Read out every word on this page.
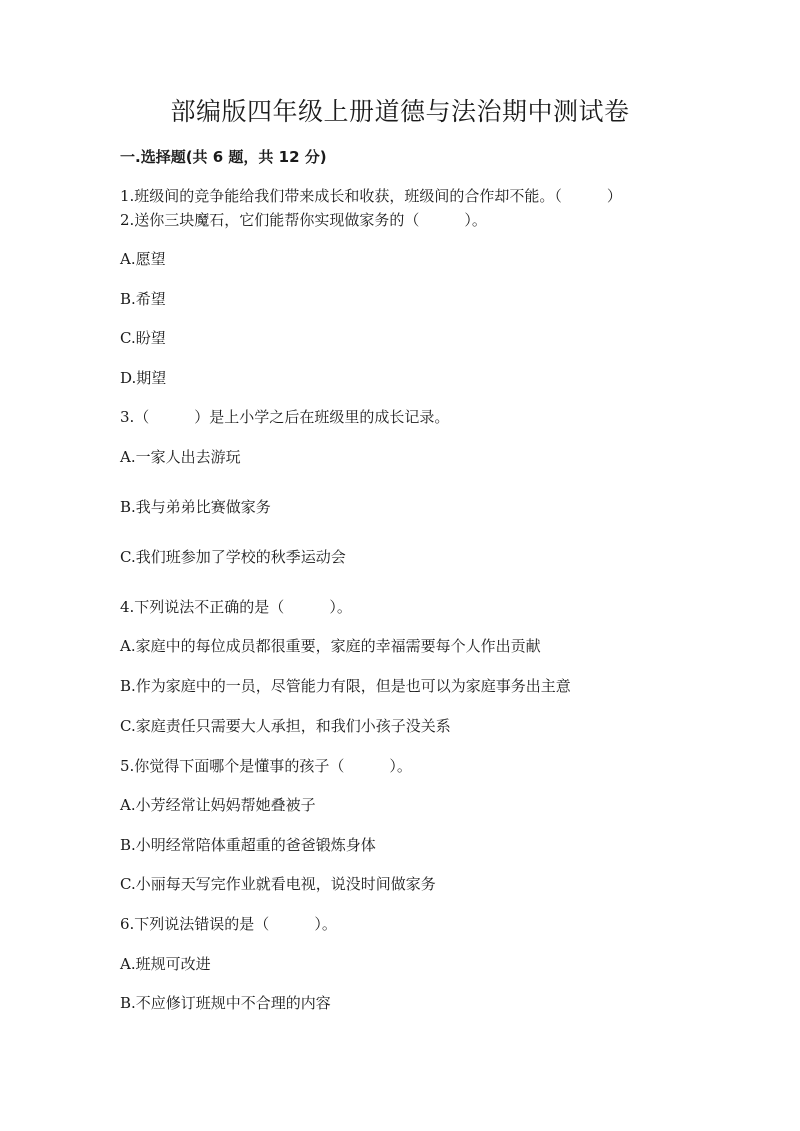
部编版四年级上册道德与法治期中测试卷
一.选择题(共 6 题，共 12 分)
1.班级间的竞争能给我们带来成长和收获，班级间的合作却不能。（　　　）
2.送你三块魔石，它们能帮你实现做家务的（　　　）。
A.愿望
B.希望
C.盼望
D.期望
3.（　　　）是上小学之后在班级里的成长记录。
A.一家人出去游玩
B.我与弟弟比赛做家务
C.我们班参加了学校的秋季运动会
4.下列说法不正确的是（　　　）。
A.家庭中的每位成员都很重要，家庭的幸福需要每个人作出贡献
B.作为家庭中的一员，尽管能力有限，但是也可以为家庭事务出主意
C.家庭责任只需要大人承担，和我们小孩子没关系
5.你觉得下面哪个是懂事的孩子（　　　）。
A.小芳经常让妈妈帮她叠被子
B.小明经常陪体重超重的爸爸锻炼身体
C.小丽每天写完作业就看电视，说没时间做家务
6.下列说法错误的是（　　　）。
A.班规可改进
B.不应修订班规中不合理的内容
